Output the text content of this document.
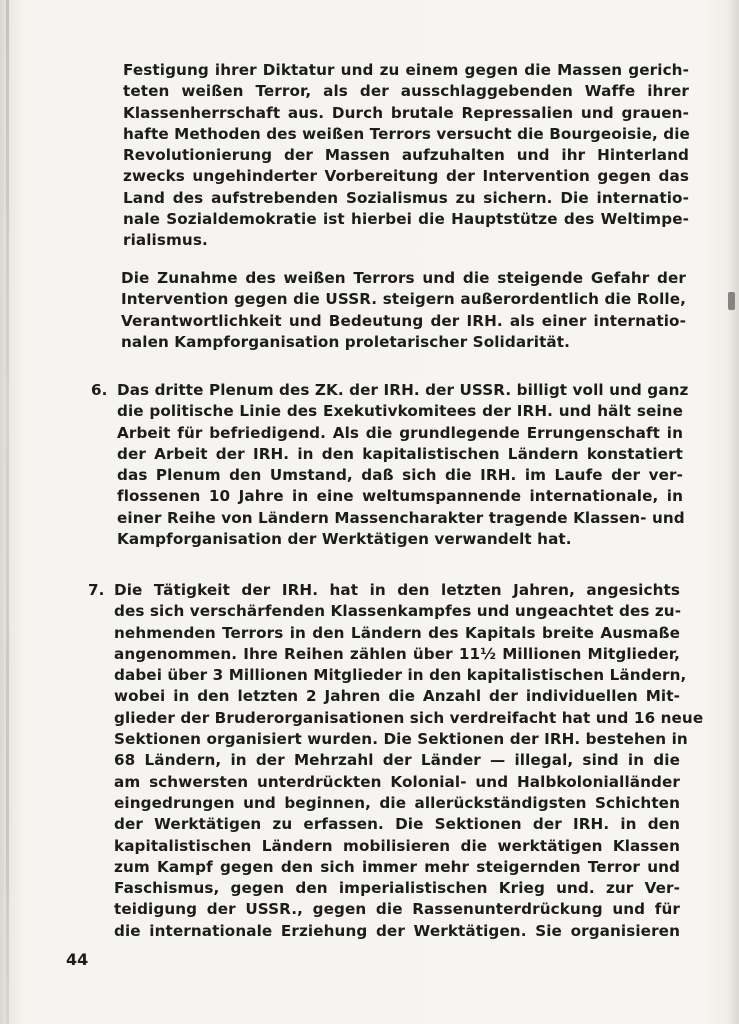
Festigung ihrer Diktatur und zu einem gegen die Massen gerich-
teten weißen Terror, als der ausschlaggebenden Waffe ihrer
Klassenherrschaft aus. Durch brutale Repressalien und grauen-
hafte Methoden des weißen Terrors versucht die Bourgeoisie, die
Revolutionierung der Massen aufzuhalten und ihr Hinterland
zwecks ungehinderter Vorbereitung der Intervention gegen das
Land des aufstrebenden Sozialismus zu sichern. Die internatio-
nale Sozialdemokratie ist hierbei die Hauptstütze des Weltimpe-
rialismus.
Die Zunahme des weißen Terrors und die steigende Gefahr der
Intervention gegen die USSR. steigern außerordentlich die Rolle,
Verantwortlichkeit und Bedeutung der IRH. als einer internatio-
nalen Kampforganisation proletarischer Solidarität.
6. Das dritte Plenum des ZK. der IRH. der USSR. billigt voll und ganz
die politische Linie des Exekutivkomitees der IRH. und hält seine
Arbeit für befriedigend. Als die grundlegende Errungenschaft in
der Arbeit der IRH. in den kapitalistischen Ländern konstatiert
das Plenum den Umstand, daß sich die IRH. im Laufe der ver-
flossenen 10 Jahre in eine weltumspannende internationale, in
einer Reihe von Ländern Massencharakter tragende Klassen- und
Kampforganisation der Werktätigen verwandelt hat.
7. Die Tätigkeit der IRH. hat in den letzten Jahren, angesichts
des sich verschärfenden Klassenkampfes und ungeachtet des zu-
nehmenden Terrors in den Ländern des Kapitals breite Ausmaße
angenommen. Ihre Reihen zählen über 11½ Millionen Mitglieder,
dabei über 3 Millionen Mitglieder in den kapitalistischen Ländern,
wobei in den letzten 2 Jahren die Anzahl der individuellen Mit-
glieder der Bruderorganisationen sich verdreifacht hat und 16 neue
Sektionen organisiert wurden. Die Sektionen der IRH. bestehen in
68 Ländern, in der Mehrzahl der Länder — illegal, sind in die
am schwersten unterdrückten Kolonial- und Halbkolonialländer
eingedrungen und beginnen, die allerückständigsten Schichten
der Werktätigen zu erfassen. Die Sektionen der IRH. in den
kapitalistischen Ländern mobilisieren die werktätigen Klassen
zum Kampf gegen den sich immer mehr steigernden Terror und
Faschismus, gegen den imperialistischen Krieg und. zur Ver-
teidigung der USSR., gegen die Rassenunterdrückung und für
die internationale Erziehung der Werktätigen. Sie organisieren
44
